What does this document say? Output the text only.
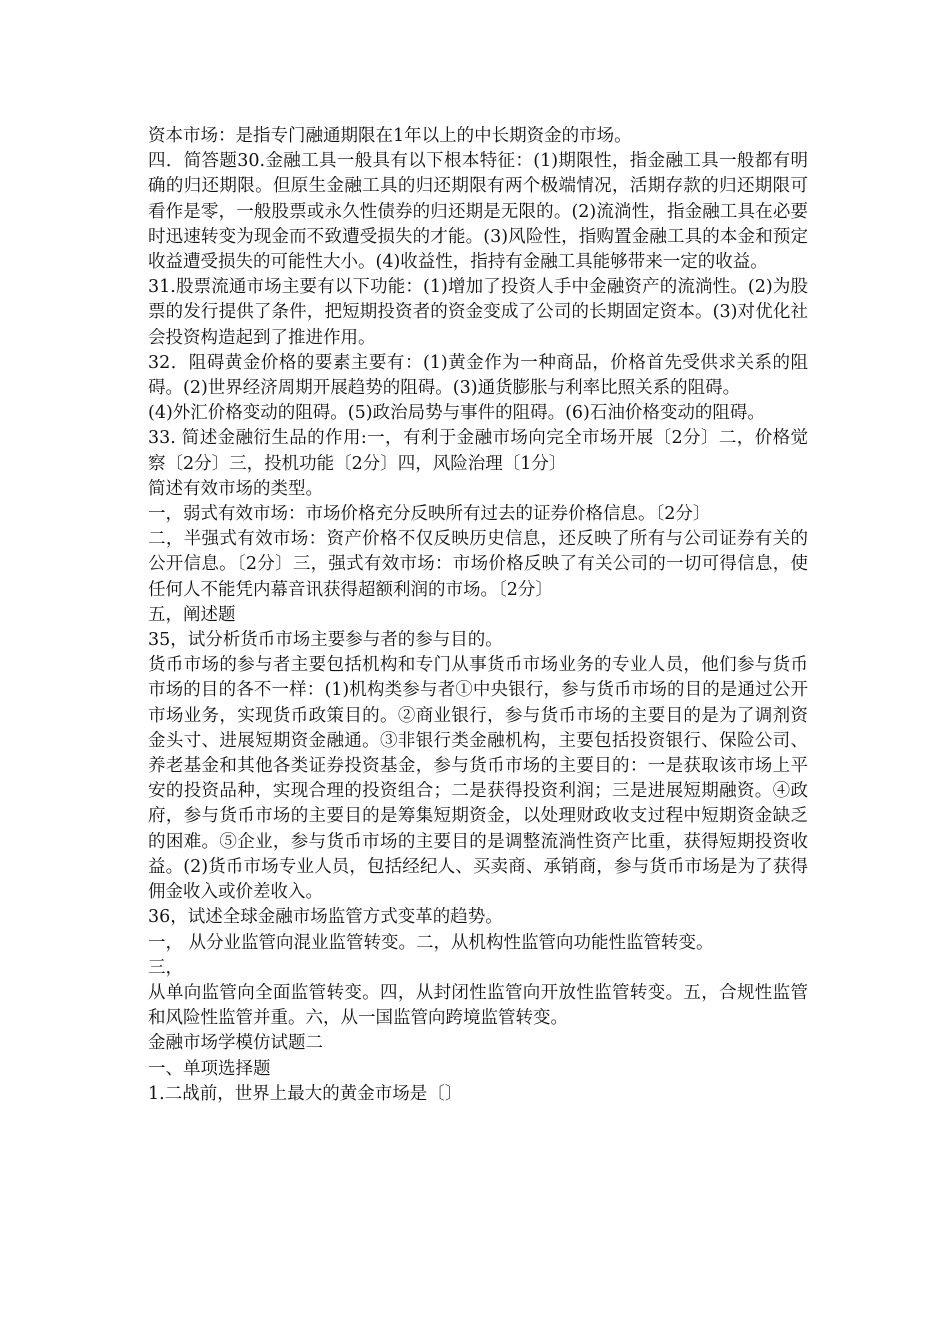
资本市场：是指专门融通期限在1年以上的中长期资金的市场。

四．简答题30.金融工具一般具有以下根本特征：(1)期限性，指金融工具一般都有明确的归还期限。但原生金融工具的归还期限有两个极端情况，活期存款的归还期限可看作是零，一般股票或永久性债券的归还期是无限的。(2)流淌性，指金融工具在必要时迅速转变为现金而不致遭受损失的才能。(3)风险性，指购置金融工具的本金和预定收益遭受损失的可能性大小。(4)收益性，指持有金融工具能够带来一定的收益。

31.股票流通市场主要有以下功能：(1)增加了投资人手中金融资产的流淌性。(2)为股票的发行提供了条件，把短期投资者的资金变成了公司的长期固定资本。(3)对优化社会投资构造起到了推进作用。

32．阻碍黄金价格的要素主要有：(1)黄金作为一种商品，价格首先受供求关系的阻碍。(2)世界经济周期开展趋势的阻碍。(3)通货膨胀与利率比照关系的阻碍。

(4)外汇价格变动的阻碍。(5)政治局势与事件的阻碍。(6)石油价格变动的阻碍。

33. 简述金融衍生品的作用:一，有利于金融市场向完全市场开展〔2分〕二，价格觉察〔2分〕三，投机功能〔2分〕四，风险治理〔1分〕

简述有效市场的类型。

一，弱式有效市场：市场价格充分反映所有过去的证券价格信息。〔2分〕

二，半强式有效市场：资产价格不仅反映历史信息，还反映了所有与公司证券有关的公开信息。〔2分〕三，强式有效市场：市场价格反映了有关公司的一切可得信息，使任何人不能凭内幕音讯获得超额利润的市场。〔2分〕

五，阐述题

35，试分析货币市场主要参与者的参与目的。

货币市场的参与者主要包括机构和专门从事货币市场业务的专业人员，他们参与货币市场的目的各不一样：(1)机构类参与者①中央银行，参与货币市场的目的是通过公开市场业务，实现货币政策目的。②商业银行，参与货币市场的主要目的是为了调剂资金头寸、进展短期资金融通。③非银行类金融机构，主要包括投资银行、保险公司、养老基金和其他各类证券投资基金，参与货币市场的主要目的：一是获取该市场上平安的投资品种，实现合理的投资组合；二是获得投资利润；三是进展短期融资。④政府，参与货币市场的主要目的是筹集短期资金，以处理财政收支过程中短期资金缺乏的困难。⑤企业，参与货币市场的主要目的是调整流淌性资产比重，获得短期投资收益。(2)货币市场专业人员，包括经纪人、买卖商、承销商，参与货币市场是为了获得佣金收入或价差收入。

36，试述全球金融市场监管方式变革的趋势。

一， 从分业监管向混业监管转变。二，从机构性监管向功能性监管转变。

三，

从单向监管向全面监管转变。四，从封闭性监管向开放性监管转变。五，合规性监管和风险性监管并重。六，从一国监管向跨境监管转变。

金融市场学模仿试题二

一、单项选择题

1.二战前，世界上最大的黄金市场是〔〕
